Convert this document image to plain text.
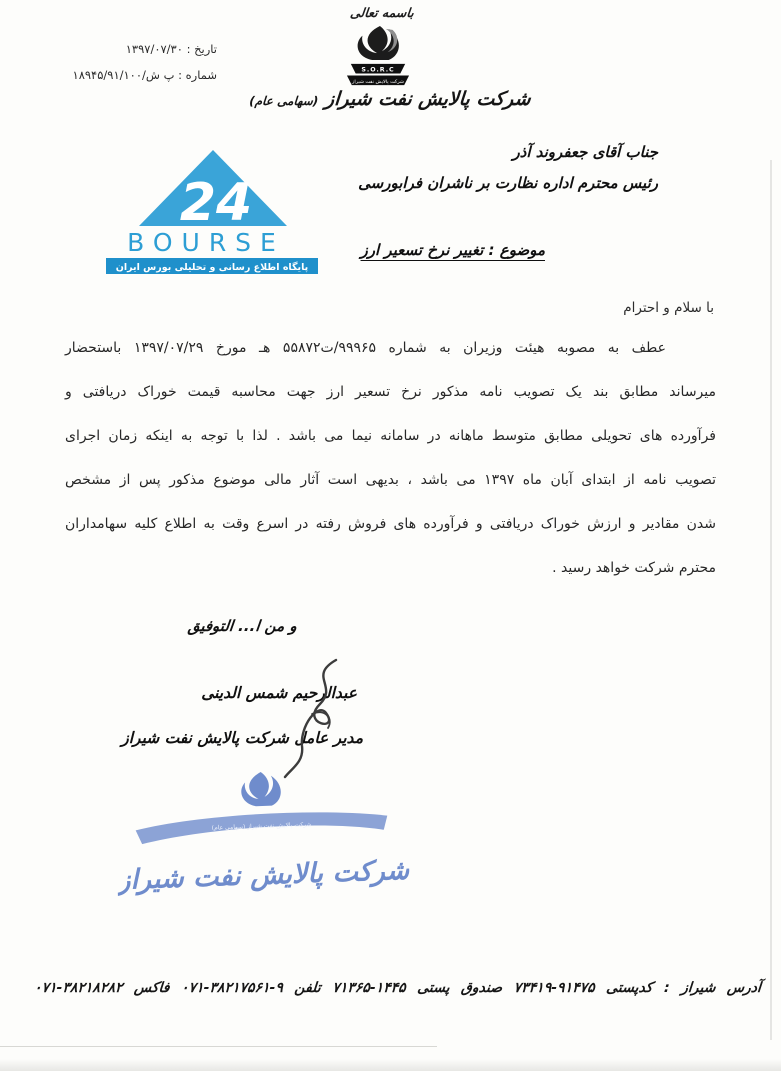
باسمه تعالی
S.O.R.C
شرکت پالایش نفت شیراز
شرکت پالایش نفت شیراز (سهامی عام)
تاریخ : ۱۳۹۷/۰۷/۳۰
شماره : پ ش/۱۸۹۴۵/۹۱/۱۰۰
24
BOURSE
پایگاه اطلاع رسانی و تحلیلی بورس ایران
جناب آقای جعفروند آذر
رئیس محترم اداره نظارت بر ناشران فرابورسی
موضوع : تغییر نرخ تسعیر ارز
با سلام و احترام
عطف به مصوبه هیئت وزیران به شماره ۹۹۹۶۵/ت۵۵۸۷۲ هـ مورخ ۱۳۹۷/۰۷/۲۹ باستحضار
میرساند مطابق بند یک تصویب نامه مذکور نرخ تسعیر ارز جهت محاسبه قیمت خوراک دریافتی و
فرآورده های تحویلی مطابق متوسط ماهانه در سامانه نیما می باشد . لذا با توجه به اینکه زمان اجرای
تصویب نامه از ابتدای آبان ماه ۱۳۹۷ می باشد ، بدیهی است آثار مالی موضوع مذکور پس از مشخص
شدن مقادیر و ارزش خوراک دریافتی و فرآورده های فروش رفته در اسرع وقت به اطلاع کلیه سهامداران
محترم شرکت خواهد رسید .
و من ا... التوفیق
عبدالرحیم شمس الدینی
مدیر عامل شرکت پالایش نفت شیراز
شرکت پالایش نفت شیراز (سهامی عام)
شرکت پالایش نفت شیراز
آدرس شیراز : کدپستی ۹۱۴۷۵-۷۳۴۱۹ صندوق پستی ۱۴۴۵-۷۱۳۶۵ تلفن ۹-۳۸۲۱۷۵۶۱-۰۷۱ فاکس ۳۸۲۱۸۲۸۲-۰۷۱
